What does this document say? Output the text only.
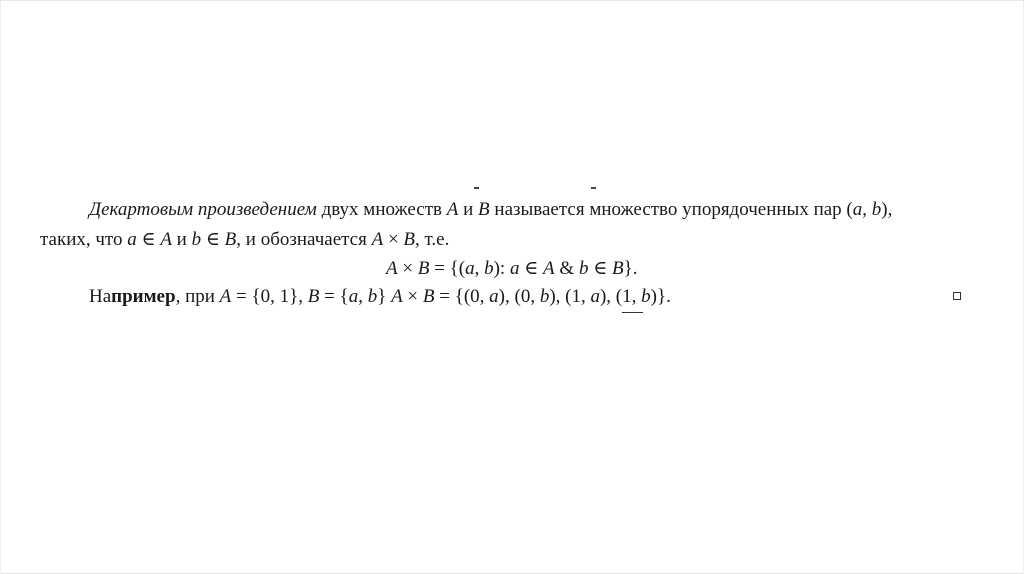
Декартовым произведением двух множеств A и B называется множество упорядоченных пар (a, b),
таких, что a ∈ A и b ∈ B, и обозначается A × B, т.е.
A × B = {(a, b): a ∈ A & b ∈ B}.
Например, при A = {0, 1}, B = {a, b} A × B = {(0, a), (0, b), (1, a), (1, b)}.
